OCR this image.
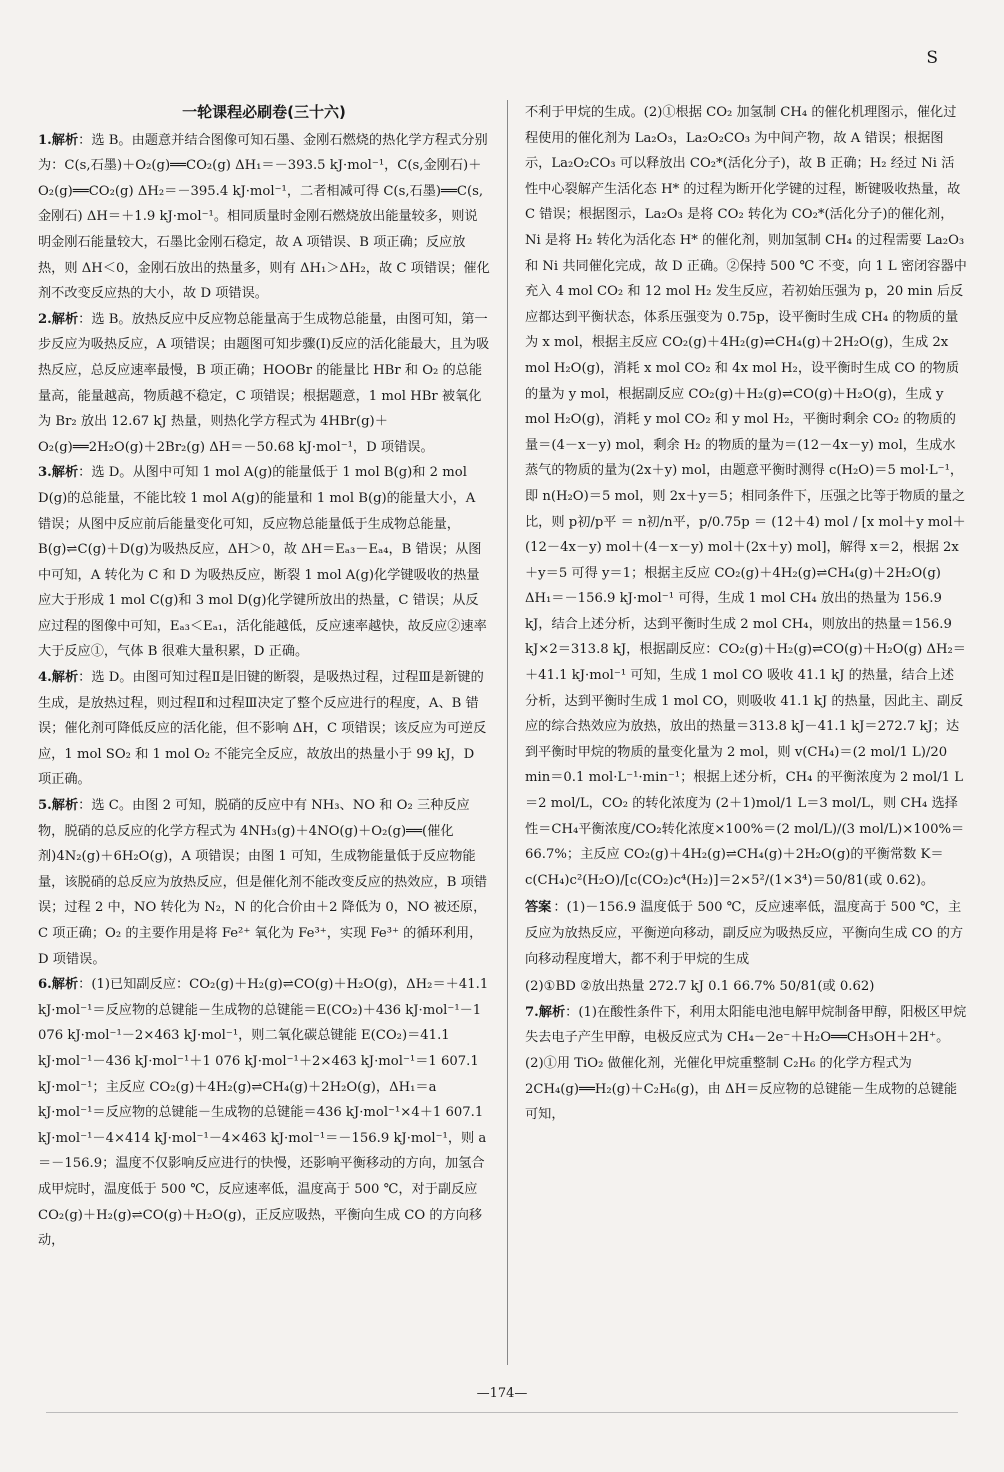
S
一轮课程必刷卷(三十六)

1.解析：选 B。由题意并结合图像可知石墨、金刚石燃烧的热化学方程式分别为：C(s,石墨)＋O₂(g)══CO₂(g) ΔH₁＝－393.5 kJ·mol⁻¹，C(s,金刚石)＋O₂(g)══CO₂(g) ΔH₂＝－395.4 kJ·mol⁻¹，二者相减可得 C(s,石墨)══C(s,金刚石) ΔH＝＋1.9 kJ·mol⁻¹。相同质量时金刚石燃烧放出能量较多，则说明金刚石能量较大，石墨比金刚石稳定，故 A 项错误、B 项正确；反应放热，则 ΔH＜0，金刚石放出的热量多，则有 ΔH₁＞ΔH₂，故 C 项错误；催化剂不改变反应热的大小，故 D 项错误。

2.解析：选 B。放热反应中反应物总能量高于生成物总能量，由图可知，第一步反应为吸热反应，A 项错误；由题图可知步骤(Ⅰ)反应的活化能最大，且为吸热反应，总反应速率最慢，B 项正确；HOOBr 的能量比 HBr 和 O₂ 的总能量高，能量越高，物质越不稳定，C 项错误；根据题意，1 mol HBr 被氧化为 Br₂ 放出 12.67 kJ 热量，则热化学方程式为 4HBr(g)＋O₂(g)══2H₂O(g)＋2Br₂(g) ΔH＝－50.68 kJ·mol⁻¹，D 项错误。

3.解析：选 D。从图中可知 1 mol A(g)的能量低于 1 mol B(g)和 2 mol D(g)的总能量，不能比较 1 mol A(g)的能量和 1 mol B(g)的能量大小，A 错误；从图中反应前后能量变化可知，反应物总能量低于生成物总能量，B(g)⇌C(g)＋D(g)为吸热反应，ΔH＞0，故 ΔH＝Eₐ₃－Eₐ₄，B 错误；从图中可知，A 转化为 C 和 D 为吸热反应，断裂 1 mol A(g)化学键吸收的热量应大于形成 1 mol C(g)和 3 mol D(g)化学键所放出的热量，C 错误；从反应过程的图像中可知，Eₐ₃＜Eₐ₁，活化能越低，反应速率越快，故反应②速率大于反应①，气体 B 很难大量积累，D 正确。

4.解析：选 D。由图可知过程Ⅱ是旧键的断裂，是吸热过程，过程Ⅲ是新键的生成，是放热过程，则过程Ⅱ和过程Ⅲ决定了整个反应进行的程度，A、B 错误；催化剂可降低反应的活化能，但不影响 ΔH，C 项错误；该反应为可逆反应，1 mol SO₂ 和 1 mol O₂ 不能完全反应，故放出的热量小于 99 kJ，D 项正确。

5.解析：选 C。由图 2 可知，脱硝的反应中有 NH₃、NO 和 O₂ 三种反应物，脱硝的总反应的化学方程式为 4NH₃(g)＋4NO(g)＋O₂(g)══(催化剂)4N₂(g)＋6H₂O(g)，A 项错误；由图 1 可知，生成物能量低于反应物能量，该脱硝的总反应为放热反应，但是催化剂不能改变反应的热效应，B 项错误；过程 2 中，NO 转化为 N₂，N 的化合价由＋2 降低为 0，NO 被还原，C 项正确；O₂ 的主要作用是将 Fe²⁺ 氧化为 Fe³⁺，实现 Fe³⁺ 的循环利用，D 项错误。

6.解析：(1)已知副反应：CO₂(g)＋H₂(g)⇌CO(g)＋H₂O(g)，ΔH₂＝＋41.1 kJ·mol⁻¹＝反应物的总键能－生成物的总键能＝E(CO₂)＋436 kJ·mol⁻¹－1 076 kJ·mol⁻¹－2×463 kJ·mol⁻¹，则二氧化碳总键能 E(CO₂)＝41.1 kJ·mol⁻¹－436 kJ·mol⁻¹＋1 076 kJ·mol⁻¹＋2×463 kJ·mol⁻¹＝1 607.1 kJ·mol⁻¹；主反应 CO₂(g)＋4H₂(g)⇌CH₄(g)＋2H₂O(g)，ΔH₁＝a kJ·mol⁻¹＝反应物的总键能－生成物的总键能＝436 kJ·mol⁻¹×4＋1 607.1 kJ·mol⁻¹－4×414 kJ·mol⁻¹－4×463 kJ·mol⁻¹＝－156.9 kJ·mol⁻¹，则 a＝－156.9；温度不仅影响反应进行的快慢，还影响平衡移动的方向，加氢合成甲烷时，温度低于 500 ℃，反应速率低，温度高于 500 ℃，对于副反应 CO₂(g)＋H₂(g)⇌CO(g)＋H₂O(g)，正反应吸热，平衡向生成 CO 的方向移动，

不利于甲烷的生成。(2)①根据 CO₂ 加氢制 CH₄ 的催化机理图示，催化过程使用的催化剂为 La₂O₃，La₂O₂CO₃ 为中间产物，故 A 错误；根据图示，La₂O₂CO₃ 可以释放出 CO₂*(活化分子)，故 B 正确；H₂ 经过 Ni 活性中心裂解产生活化态 H* 的过程为断开化学键的过程，断键吸收热量，故 C 错误；根据图示，La₂O₃ 是将 CO₂ 转化为 CO₂*(活化分子)的催化剂，Ni 是将 H₂ 转化为活化态 H* 的催化剂，则加氢制 CH₄ 的过程需要 La₂O₃ 和 Ni 共同催化完成，故 D 正确。②保持 500 ℃ 不变，向 1 L 密闭容器中充入 4 mol CO₂ 和 12 mol H₂ 发生反应，若初始压强为 p，20 min 后反应都达到平衡状态，体系压强变为 0.75p，设平衡时生成 CH₄ 的物质的量为 x mol，根据主反应 CO₂(g)＋4H₂(g)⇌CH₄(g)＋2H₂O(g)，生成 2x mol H₂O(g)，消耗 x mol CO₂ 和 4x mol H₂，设平衡时生成 CO 的物质的量为 y mol，根据副反应 CO₂(g)＋H₂(g)⇌CO(g)＋H₂O(g)，生成 y mol H₂O(g)，消耗 y mol CO₂ 和 y mol H₂，平衡时剩余 CO₂ 的物质的量＝(4－x－y) mol，剩余 H₂ 的物质的量为＝(12－4x－y) mol，生成水蒸气的物质的量为(2x＋y) mol，由题意平衡时测得 c(H₂O)＝5 mol·L⁻¹，即 n(H₂O)＝5 mol，则 2x＋y＝5；相同条件下，压强之比等于物质的量之比，则 p初/p平 ＝ n初/n平，p/0.75p ＝ (12＋4) mol / [x mol＋y mol＋(12－4x－y) mol＋(4－x－y) mol＋(2x＋y) mol]，解得 x＝2，根据 2x＋y＝5 可得 y＝1；根据主反应 CO₂(g)＋4H₂(g)⇌CH₄(g)＋2H₂O(g) ΔH₁＝－156.9 kJ·mol⁻¹ 可得，生成 1 mol CH₄ 放出的热量为 156.9 kJ，结合上述分析，达到平衡时生成 2 mol CH₄，则放出的热量＝156.9 kJ×2＝313.8 kJ，根据副反应：CO₂(g)＋H₂(g)⇌CO(g)＋H₂O(g) ΔH₂＝＋41.1 kJ·mol⁻¹ 可知，生成 1 mol CO 吸收 41.1 kJ 的热量，结合上述分析，达到平衡时生成 1 mol CO，则吸收 41.1 kJ 的热量，因此主、副反应的综合热效应为放热，放出的热量＝313.8 kJ－41.1 kJ＝272.7 kJ；达到平衡时甲烷的物质的量变化量为 2 mol，则 v(CH₄)＝(2 mol/1 L)/20 min＝0.1 mol·L⁻¹·min⁻¹；根据上述分析，CH₄ 的平衡浓度为 2 mol/1 L＝2 mol/L，CO₂ 的转化浓度为 (2＋1)mol/1 L＝3 mol/L，则 CH₄ 选择性＝CH₄平衡浓度/CO₂转化浓度×100%＝(2 mol/L)/(3 mol/L)×100%＝66.7%；主反应 CO₂(g)＋4H₂(g)⇌CH₄(g)＋2H₂O(g)的平衡常数 K＝c(CH₄)c²(H₂O)/[c(CO₂)c⁴(H₂)]＝2×5²/(1×3⁴)＝50/81(或 0.62)。

答案 ：(1)－156.9 温度低于 500 ℃，反应速率低，温度高于 500 ℃，主反应为放热反应，平衡逆向移动，副反应为吸热反应，平衡向生成 CO 的方向移动程度增大，都不利于甲烷的生成

(2)①BD ②放出热量 272.7 kJ 0.1 66.7% 50/81(或 0.62)

7.解析：(1)在酸性条件下，利用太阳能电池电解甲烷制备甲醇，阳极区甲烷失去电子产生甲醇，电极反应式为 CH₄－2e⁻＋H₂O══CH₃OH＋2H⁺。(2)①用 TiO₂ 做催化剂，光催化甲烷重整制 C₂H₆ 的化学方程式为 2CH₄(g)══H₂(g)＋C₂H₆(g)，由 ΔH＝反应物的总键能－生成物的总键能可知，

—174—
